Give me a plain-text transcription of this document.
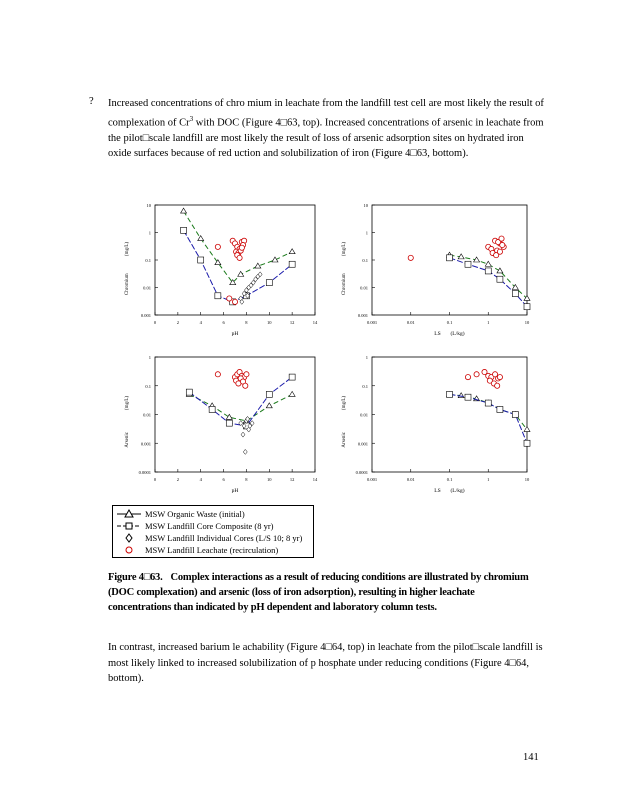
? Increased concentrations of chro mium in leachate from the landfill test cell are most likely the result of complexation of Cr$^3$ with DOC (Figure 4□63, top). Increased concentrations of arsenic in leachate from the pilot□scale landfill are most likely the result of loss of arsenic adsorption sites on hydrated iron oxide surfaces because of red uction and solubilization of iron (Figure 4□63, bottom).
10
1
0.1
0.01
0.001
0	2	4	6	8	10	12	14
Chromium
(mg/L)
pH
10
1
0.1
0.01
0.001
0.001	0.01	0.1	1	10
Chromium
(mg/L)
LS (L/kg)
1
0.1
0.01
0.001
0.0001
0	2	4	6	8	10	12	14
Arsenic
(mg/L)
pH
1
0.1
0.01
0.001
0.0001
0.001	0.01	0.1	1	10
Arsenic
(mg/L)
LS (L/kg)
MSW Organic Waste (initial)
MSW Landfill Core Composite (8 yr)
MSW Landfill Individual Cores (L/S 10; 8 yr)
MSW Landfill Leachate (recirculation)
Figure 4□63. Complex interactions as a result of reducing conditions are illustrated by chromium (DOC complexation) and arsenic (loss of iron adsorption), resulting in higher leachate concentrations than indicated by pH dependent and laboratory column tests.
In contrast, increased barium le achability (Figure 4□64, top) in leachate from the pilot□scale landfill is most likely linked to increased solubilization of p hosphate under reducing conditions (Figure 4□64, bottom).
141
